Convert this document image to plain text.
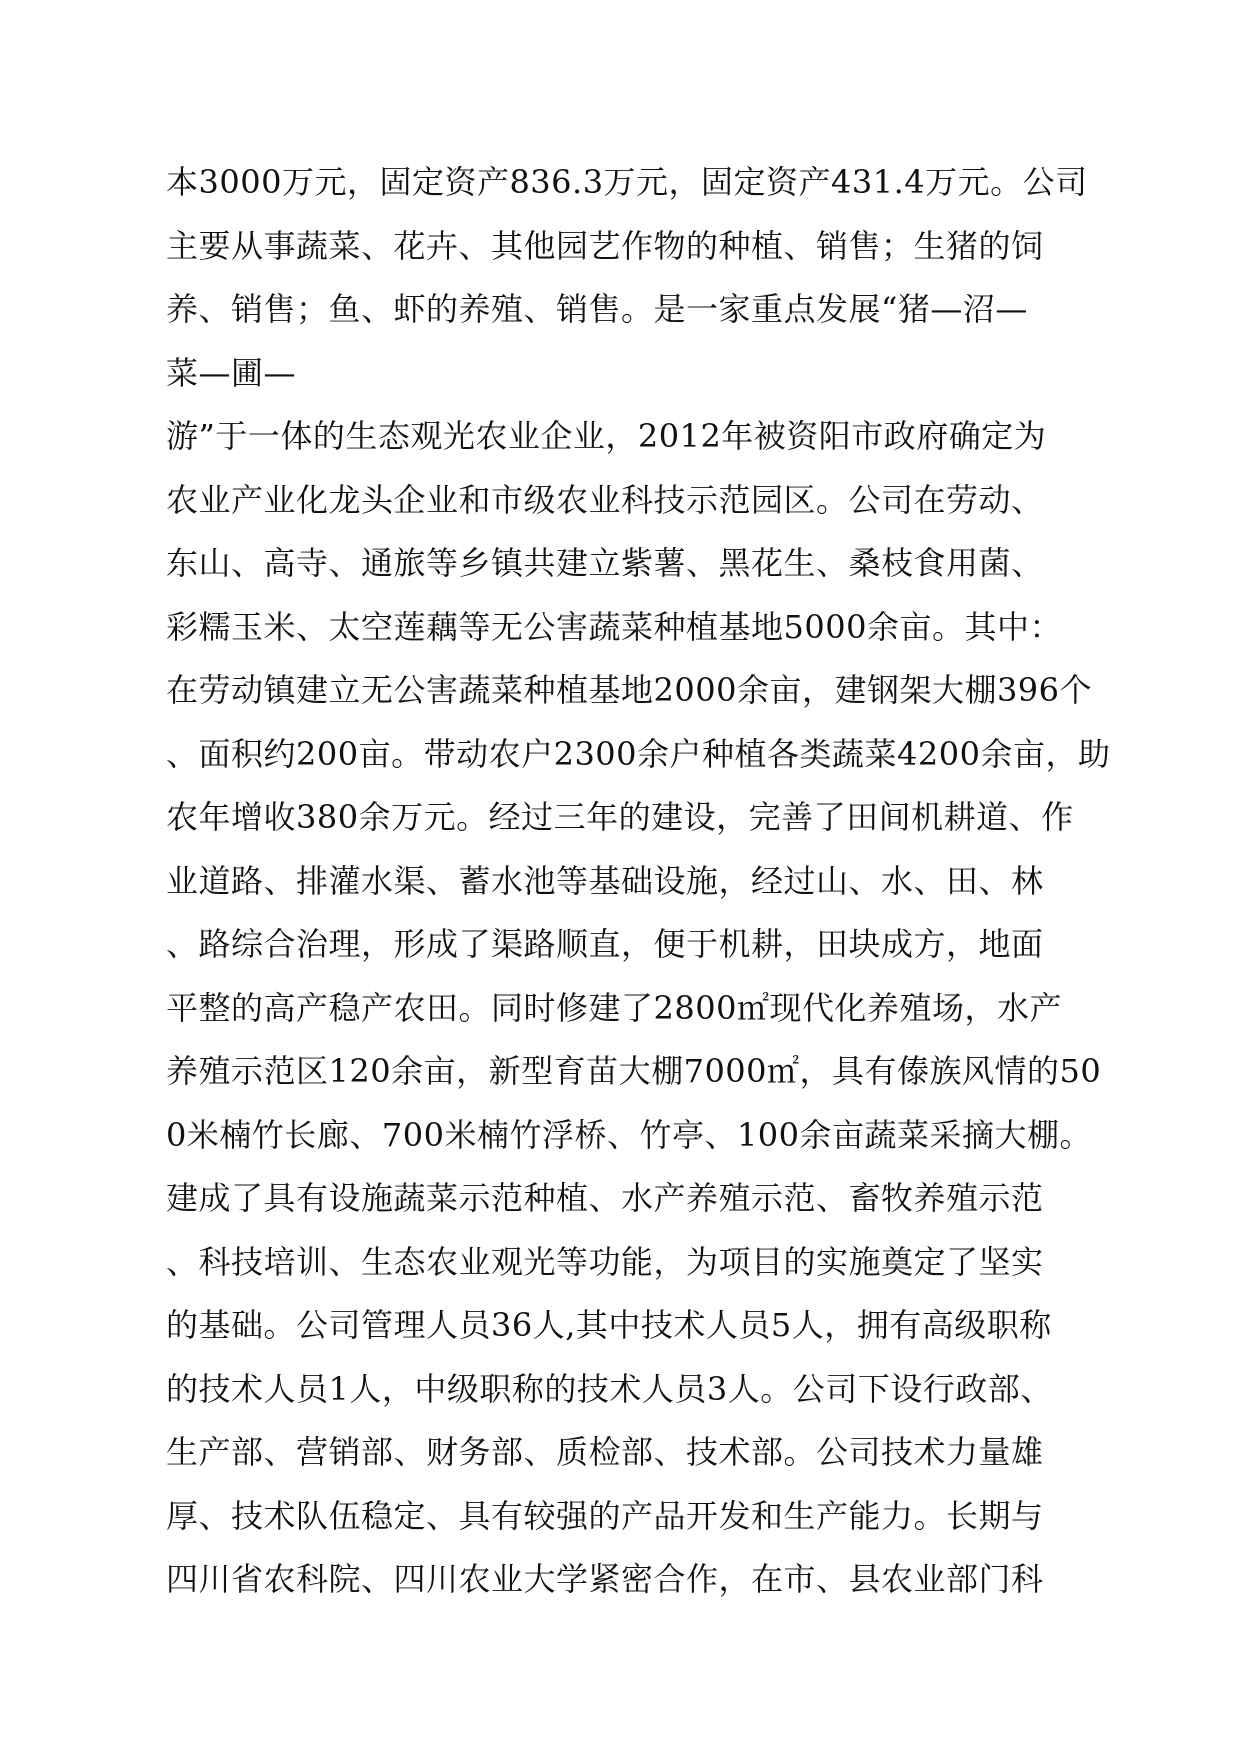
本3000万元，固定资产836.3万元，固定资产431.4万元。公司
主要从事蔬菜、花卉、其他园艺作物的种植、销售；生猪的饲
养、销售；鱼、虾的养殖、销售。是一家重点发展“猪—沼—
菜—圃—
游”于一体的生态观光农业企业，2012年被资阳市政府确定为
农业产业化龙头企业和市级农业科技示范园区。公司在劳动、
东山、高寺、通旅等乡镇共建立紫薯、黑花生、桑枝食用菌、
彩糯玉米、太空莲藕等无公害蔬菜种植基地5000余亩。其中：
在劳动镇建立无公害蔬菜种植基地2000余亩，建钢架大棚396个
、面积约200亩。带动农户2300余户种植各类蔬菜4200余亩，助
农年增收380余万元。经过三年的建设，完善了田间机耕道、作
业道路、排灌水渠、蓄水池等基础设施，经过山、水、田、林
、路综合治理，形成了渠路顺直，便于机耕，田块成方，地面
平整的高产稳产农田。同时修建了2800㎡现代化养殖场，水产
养殖示范区120余亩，新型育苗大棚7000㎡，具有傣族风情的50
0米楠竹长廊、700米楠竹浮桥、竹亭、100余亩蔬菜采摘大棚。
建成了具有设施蔬菜示范种植、水产养殖示范、畜牧养殖示范
、科技培训、生态农业观光等功能，为项目的实施奠定了坚实
的基础。公司管理人员36人,其中技术人员5人，拥有高级职称
的技术人员1人，中级职称的技术人员3人。公司下设行政部、
生产部、营销部、财务部、质检部、技术部。公司技术力量雄
厚、技术队伍稳定、具有较强的产品开发和生产能力。长期与
四川省农科院、四川农业大学紧密合作，在市、县农业部门科
